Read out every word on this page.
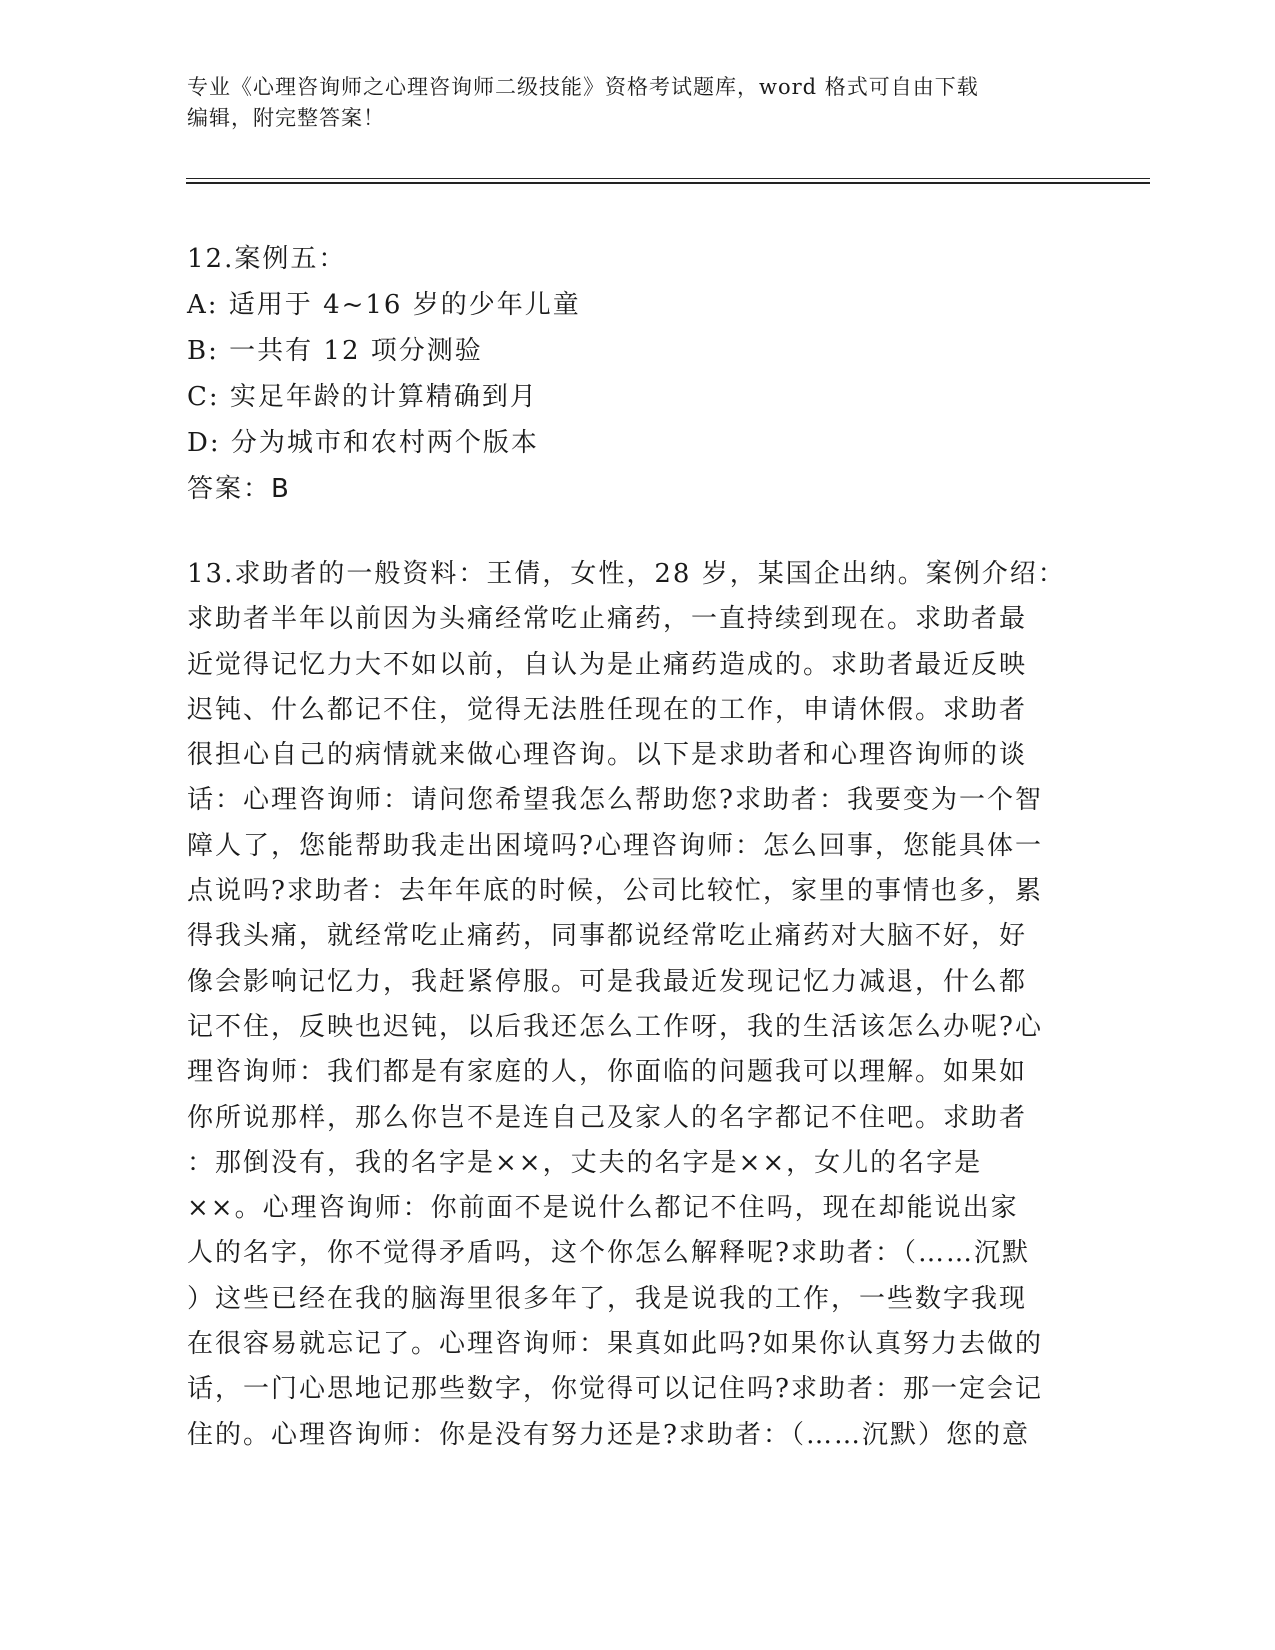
专业《心理咨询师之心理咨询师二级技能》资格考试题库，word 格式可自由下载
编辑，附完整答案！
12.案例五：
A: 适用于 4~16 岁的少年儿童
B: 一共有 12 项分测验
C: 实足年龄的计算精确到月
D: 分为城市和农村两个版本
答案：B
13.求助者的一般资料：王倩，女性，28 岁，某国企出纳。案例介绍：
求助者半年以前因为头痛经常吃止痛药，一直持续到现在。求助者最
近觉得记忆力大不如以前，自认为是止痛药造成的。求助者最近反映
迟钝、什么都记不住，觉得无法胜任现在的工作，申请休假。求助者
很担心自己的病情就来做心理咨询。以下是求助者和心理咨询师的谈
话：心理咨询师：请问您希望我怎么帮助您?求助者：我要变为一个智
障人了，您能帮助我走出困境吗?心理咨询师：怎么回事，您能具体一
点说吗?求助者：去年年底的时候，公司比较忙，家里的事情也多，累
得我头痛，就经常吃止痛药，同事都说经常吃止痛药对大脑不好，好
像会影响记忆力，我赶紧停服。可是我最近发现记忆力减退，什么都
记不住，反映也迟钝，以后我还怎么工作呀，我的生活该怎么办呢?心
理咨询师：我们都是有家庭的人，你面临的问题我可以理解。如果如
你所说那样，那么你岂不是连自己及家人的名字都记不住吧。求助者
：那倒没有，我的名字是××，丈夫的名字是××，女儿的名字是
××。心理咨询师：你前面不是说什么都记不住吗，现在却能说出家
人的名字，你不觉得矛盾吗，这个你怎么解释呢?求助者：（……沉默
）这些已经在我的脑海里很多年了，我是说我的工作，一些数字我现
在很容易就忘记了。心理咨询师：果真如此吗?如果你认真努力去做的
话，一门心思地记那些数字，你觉得可以记住吗?求助者：那一定会记
住的。心理咨询师：你是没有努力还是?求助者：（……沉默）您的意
